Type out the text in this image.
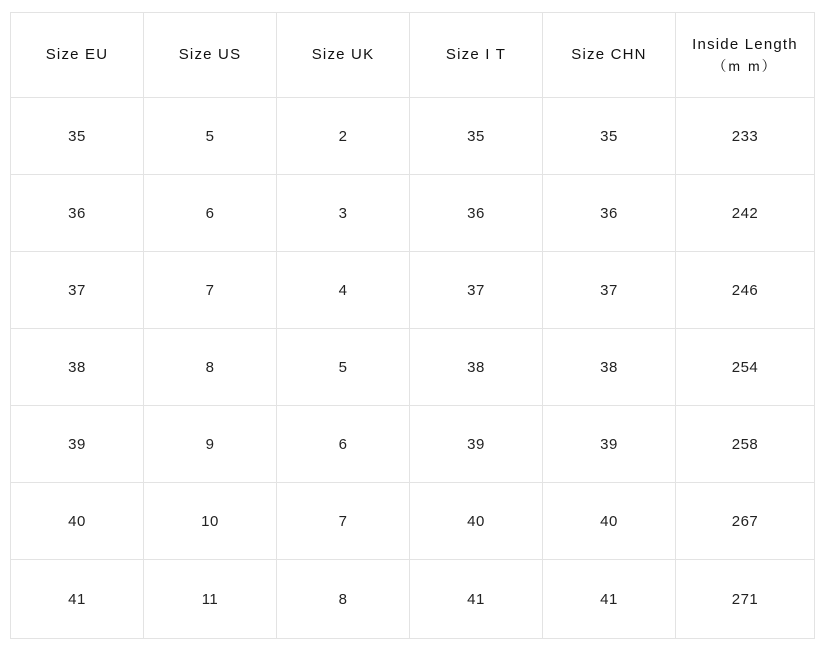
Size EU	Size US	Size UK	Size I T	Size CHN	Inside Length
（m m）

35	5	2	35	35	233
36	6	3	36	36	242
37	7	4	37	37	246
38	8	5	38	38	254
39	9	6	39	39	258
40	10	7	40	40	267
41	11	8	41	41	271
